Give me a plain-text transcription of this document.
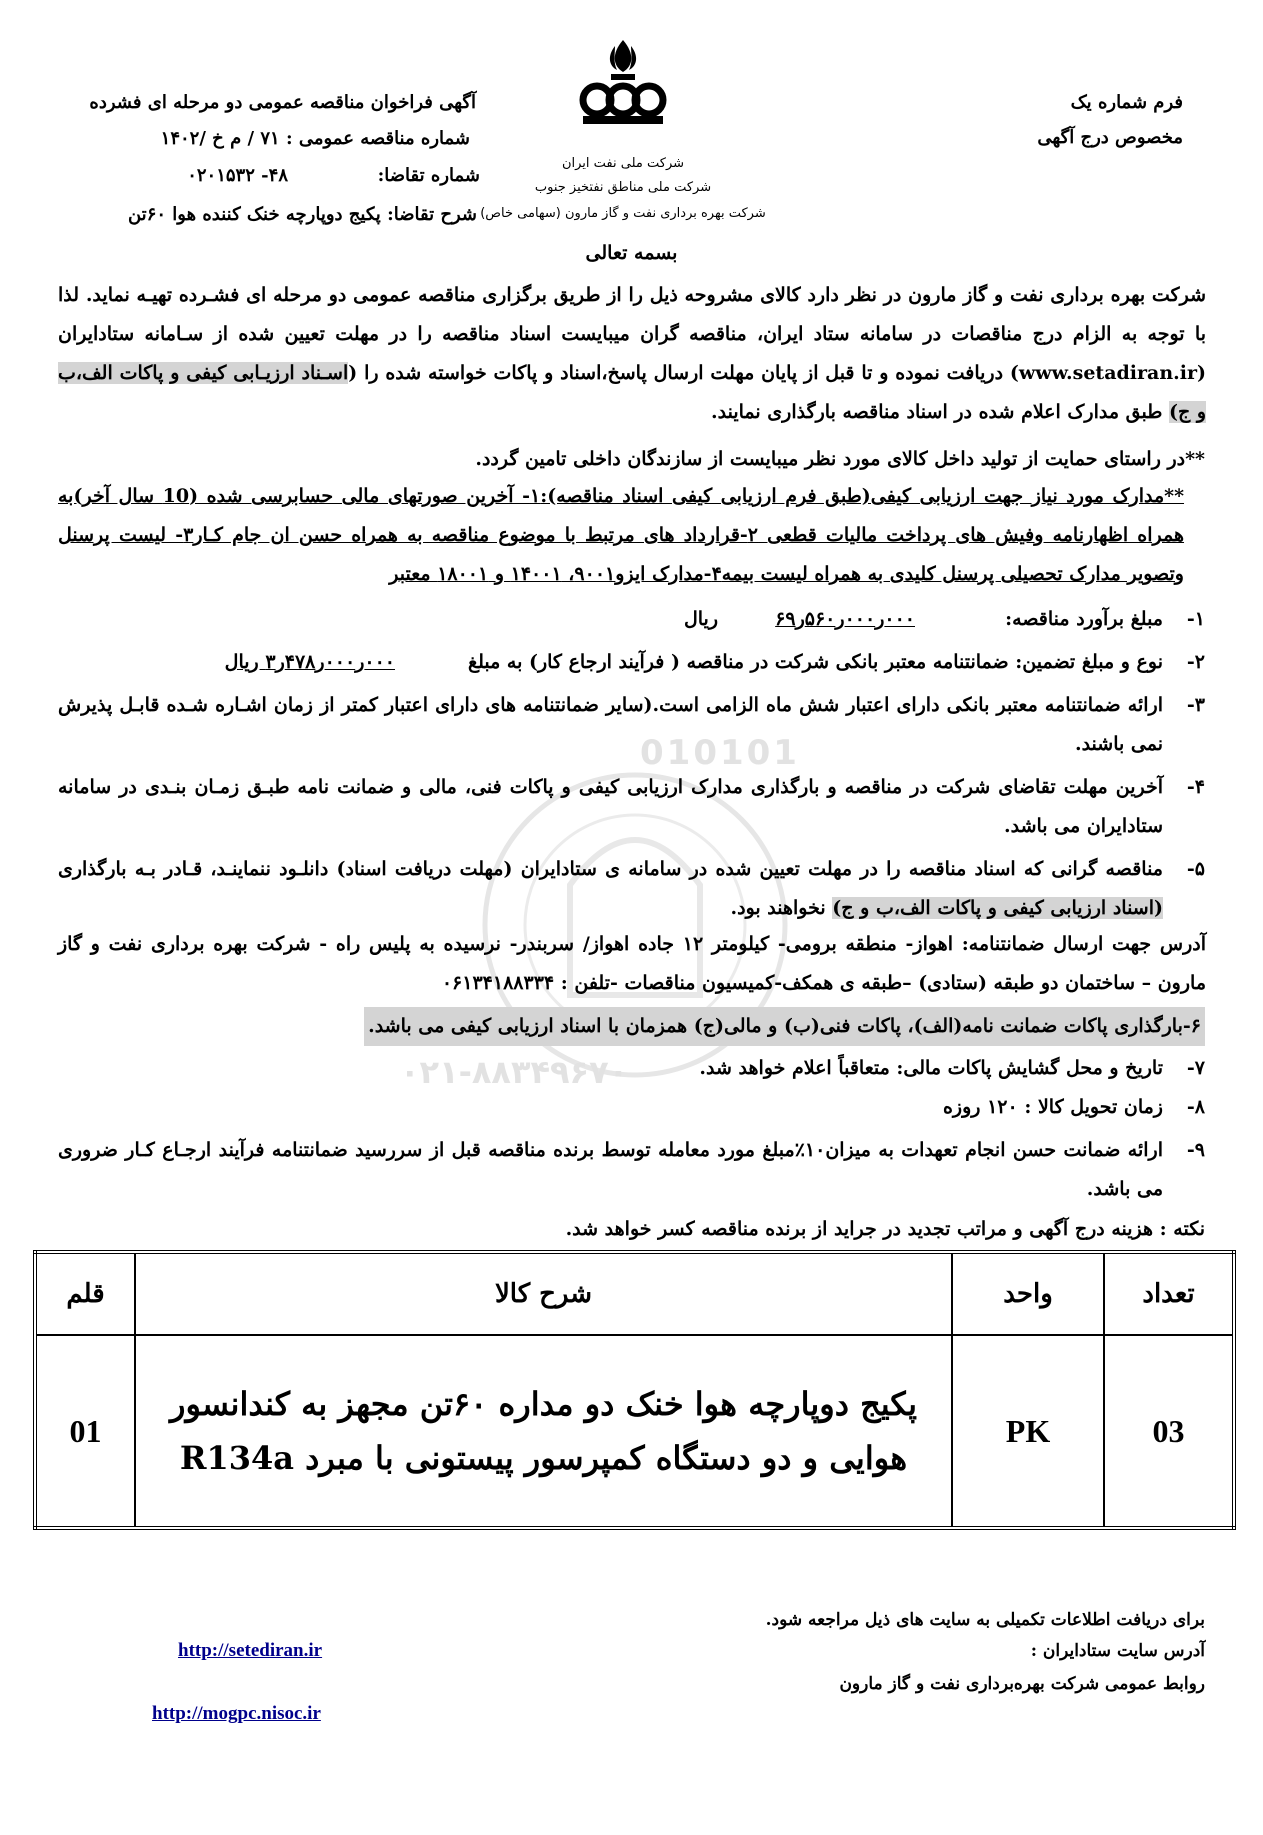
010101
۰۲۱-۸۸۳۴۹۶۷۰
فرم شماره یک
مخصوص درج آگهی
شرکت ملی نفت ایران
شرکت ملی مناطق نفتخیز جنوب
شرکت بهره برداری نفت و گاز مارون (سهامی خاص)
آگهی فراخوان مناقصه عمومی دو مرحله ای فشرده
شماره مناقصه عمومی : ۷۱ / م خ /۱۴۰۲
شماره تقاضا:
۴۸- ۰۲۰۱۵۳۲
شرح تقاضا: پکیج دوپارچه خنک کننده هوا ۶۰تن
بسمه تعالی
شرکت بهره برداری نفت و گاز مارون در نظر دارد کالای مشروحه ذیل را از طریق برگزاری مناقصه عمومی دو مرحله ای فشـرده تهیـه نماید. لذا با توجه به الزام درج مناقصات در سامانه ستاد ایران، مناقصه گران میبایست اسناد مناقصه را در مهلت تعیین شده از سـامانه ستادایران (www.setadiran.ir) دریافت نموده و تا قبل از پایان مهلت ارسال پاسخ،اسناد و پاکات خواسته شده را (اسـناد ارزیـابی کیفی و پاکات الف،ب و ج) طبق مدارک اعلام شده در اسناد مناقصه بارگذاری نمایند.
**در راستای حمایت از تولید داخل کالای مورد نظر میبایست از سازندگان داخلی تامین گردد.
**مدارک مورد نیاز جهت ارزیابی کیفی(طبق فرم ارزیابی کیفی اسناد مناقصه):۱- آخرین صورتهای مالی حسابرسی شده (10 سال آخر)به همراه اظهارنامه وفیش های پرداخت مالیات قطعی ۲-قرارداد های مرتبط با موضوع مناقصه به همراه حسن ان جام کـار۳- لیست پرسنل وتصویر مدارک تحصیلی پرسنل کلیدی به همراه لیست بیمه۴-مدارک ایزو۹۰۰۱، ۱۴۰۰۱ و ۱۸۰۰۱ معتبر
۱-
مبلغ برآورد مناقصه:
۰۰۰ر۰۰۰ر۵۶۰ر۶۹
ریال
۲-
نوع و مبلغ تضمین: ضمانتنامه معتبر بانکی شرکت در مناقصه ( فرآیند ارجاع کار) به مبلغ
۰۰۰ر۰۰۰ر۴۷۸ر۳ ریال
۳-
ارائه ضمانتنامه معتبر بانکی دارای اعتبار شش ماه الزامی است.(سایر ضمانتنامه های دارای اعتبار کمتر از زمان اشـاره شـده قابـل پذیرش نمی باشند.
۴-
آخرین مهلت تقاضای شرکت در مناقصه و بارگذاری مدارک ارزیابی کیفی و پاکات فنی، مالی و ضمانت نامه طبـق زمـان بنـدی در سامانه ستادایران می باشد.
۵-
مناقصه گرانی که اسناد مناقصه را در مهلت تعیین شده در سامانه ی ستادایران (مهلت دریافت اسناد) دانلـود ننماینـد، قـادر بـه بارگذاری (اسناد ارزیابی کیفی و پاکات الف،ب و ج) نخواهند بود.
آدرس جهت ارسال ضمانتنامه: اهواز- منطقه برومی- کیلومتر ۱۲ جاده اهواز/ سربندر- نرسیده به پلیس راه - شرکت بهره برداری نفت و گاز مارون – ساختمان دو طبقه (ستادی) –طبقه ی همکف-کمیسیون مناقصات -تلفن : ۰۶۱۳۴۱۸۸۳۳۴
۶-بارگذاری پاکات ضمانت نامه(الف)، پاکات فنی(ب) و مالی(ج) همزمان با اسناد ارزیابی کیفی می باشد.
۷-
تاریخ و محل گشایش پاکات مالی: متعاقباً اعلام خواهد شد.
۸-
زمان تحویل کالا : ۱۲۰ روزه
۹-
ارائه ضمانت حسن انجام تعهدات به میزان۱۰٪مبلغ مورد معامله توسط برنده مناقصه قبل از سررسید ضمانتنامه فرآیند ارجـاع کـار ضروری می باشد.
نکته : هزینه درج آگهی و مراتب تجدید در جراید از برنده مناقصه کسر خواهد شد.
قلم	شرح کالا	واحد	تعداد
01	پکیج دوپارچه هوا خنک دو مداره ۶۰تن مجهز به کندانسور
هوایی و دو دستگاه کمپرسور پیستونی با مبرد R134a	PK	03
برای دریافت اطلاعات تکمیلی به سایت های ذیل مراجعه شود.
آدرس سایت ستادایران :
http://setediran.ir
روابط عمومی شرکت بهره‌برداری نفت و گاز مارون
http://mogpc.nisoc.ir
